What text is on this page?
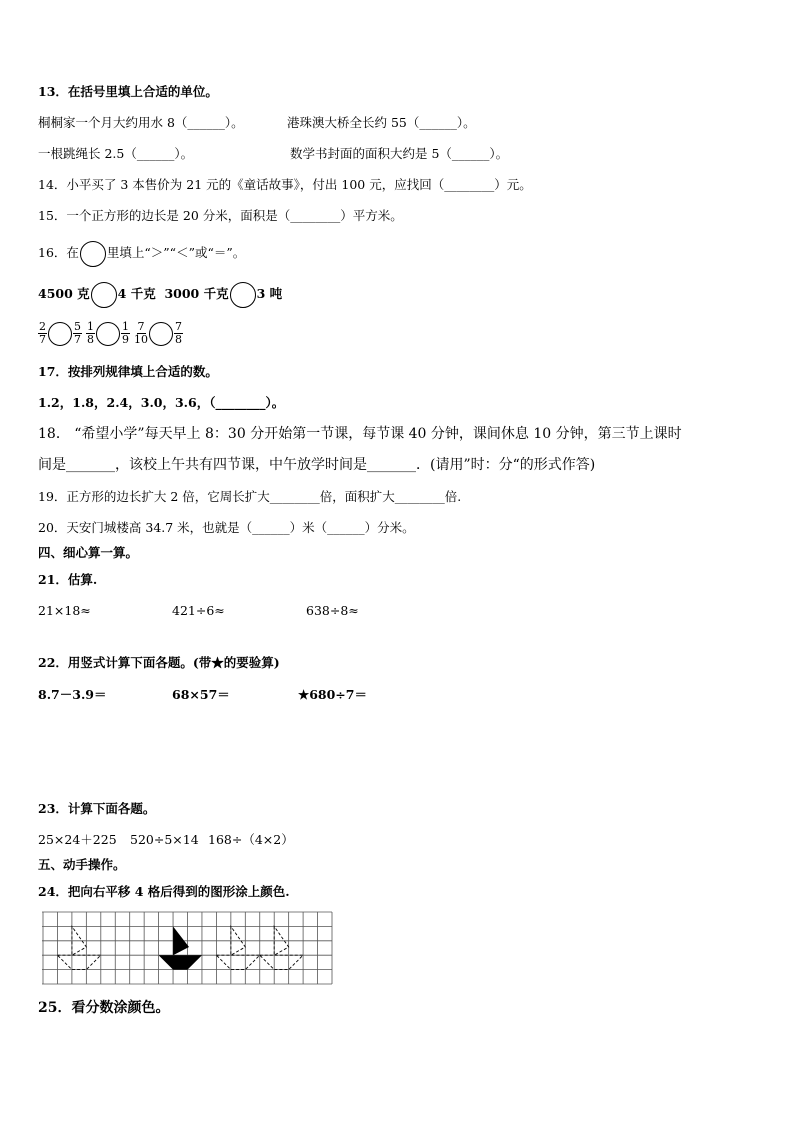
13．在括号里填上合适的单位。
桐桐家一个月大约用水 8（______）。	港珠澳大桥全长约 55（______）。
一根跳绳长 2.5（______）。	数学书封面的面积大约是 5（______）。
14．小平买了 3 本售价为 21 元的《童话故事》，付出 100 元，应找回（________）元。
15．一个正方形的边长是 20 分米，面积是（________）平方米。
16．在 里填上“＞”“＜”或“＝”。
4500 克 4 千克 3000 千克 3 吨
$\frac{2}{7} \frac{5}{7} \frac{1}{8} \frac{1}{9} \frac{7}{10} \frac{7}{8}$
17．按排列规律填上合适的数。
1.2，1.8，2.4，3.0，3.6，（________）。
18． “希望小学”每天早上 8：30 分开始第一节课，每节课 40 分钟，课间休息 10 分钟，第三节上课时
间是_______，该校上午共有四节课，中午放学时间是_______．(请用”时：分“的形式作答)
19．正方形的边长扩大 2 倍，它周长扩大________倍，面积扩大________倍.
20．天安门城楼高 34.7 米，也就是（______）米（______）分米。
四、细心算一算。
21．估算.
21×18≈	421÷6≈	638÷8≈
22．用竖式计算下面各题。(带★的要验算)
8.7－3.9＝	68×57＝	★680÷7＝
23．计算下面各题。
25×24＋225 520÷5×14 168÷（4×2）
五、动手操作。
24．把向右平移 4 格后得到的图形涂上颜色.
25．看分数涂颜色。
